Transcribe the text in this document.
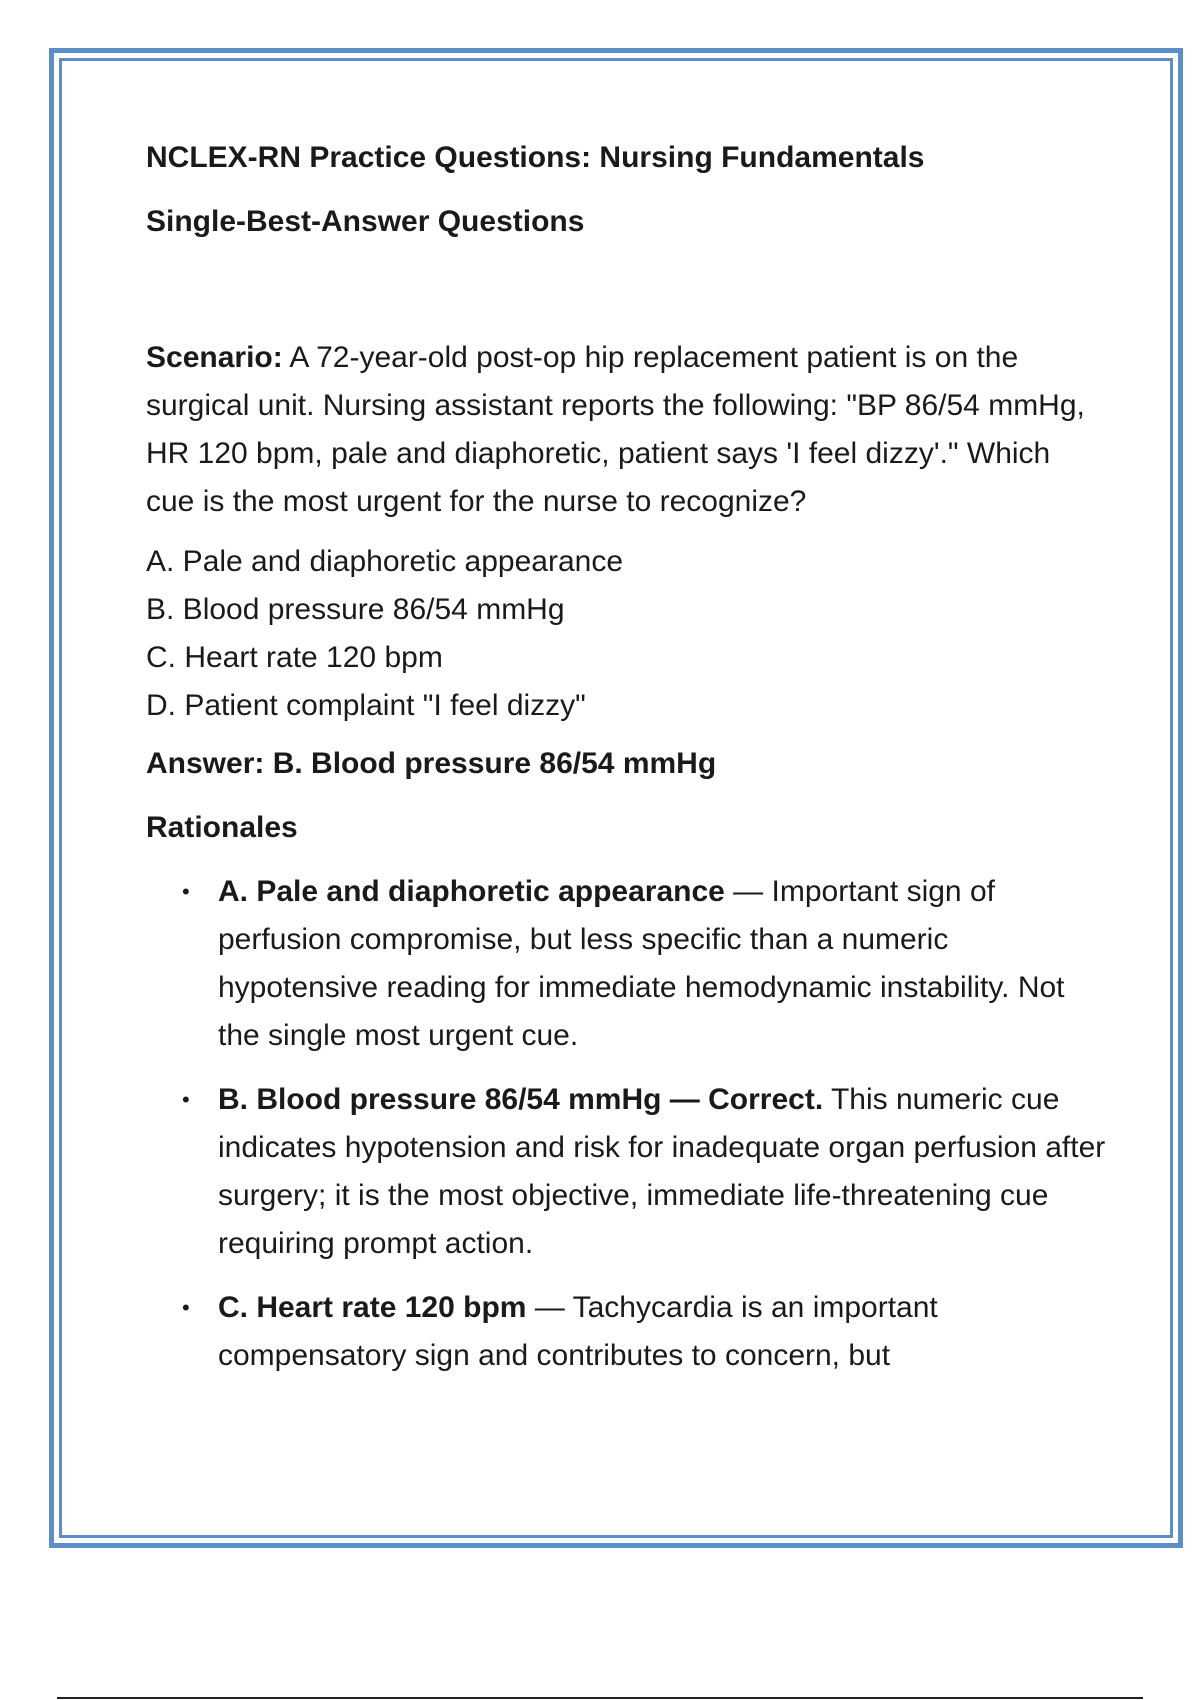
NCLEX-RN Practice Questions: Nursing Fundamentals
Single-Best-Answer Questions

Scenario: A 72-year-old post-op hip replacement patient is on the surgical unit. Nursing assistant reports the following: "BP 86/54 mmHg, HR 120 bpm, pale and diaphoretic, patient says 'I feel dizzy'." Which cue is the most urgent for the nurse to recognize?

A. Pale and diaphoretic appearance
B. Blood pressure 86/54 mmHg
C. Heart rate 120 bpm
D. Patient complaint "I feel dizzy"

Answer: B. Blood pressure 86/54 mmHg

Rationales

• A. Pale and diaphoretic appearance — Important sign of perfusion compromise, but less specific than a numeric hypotensive reading for immediate hemodynamic instability. Not the single most urgent cue.
• B. Blood pressure 86/54 mmHg — Correct. This numeric cue indicates hypotension and risk for inadequate organ perfusion after surgery; it is the most objective, immediate life-threatening cue requiring prompt action.
• C. Heart rate 120 bpm — Tachycardia is an important compensatory sign and contributes to concern, but
